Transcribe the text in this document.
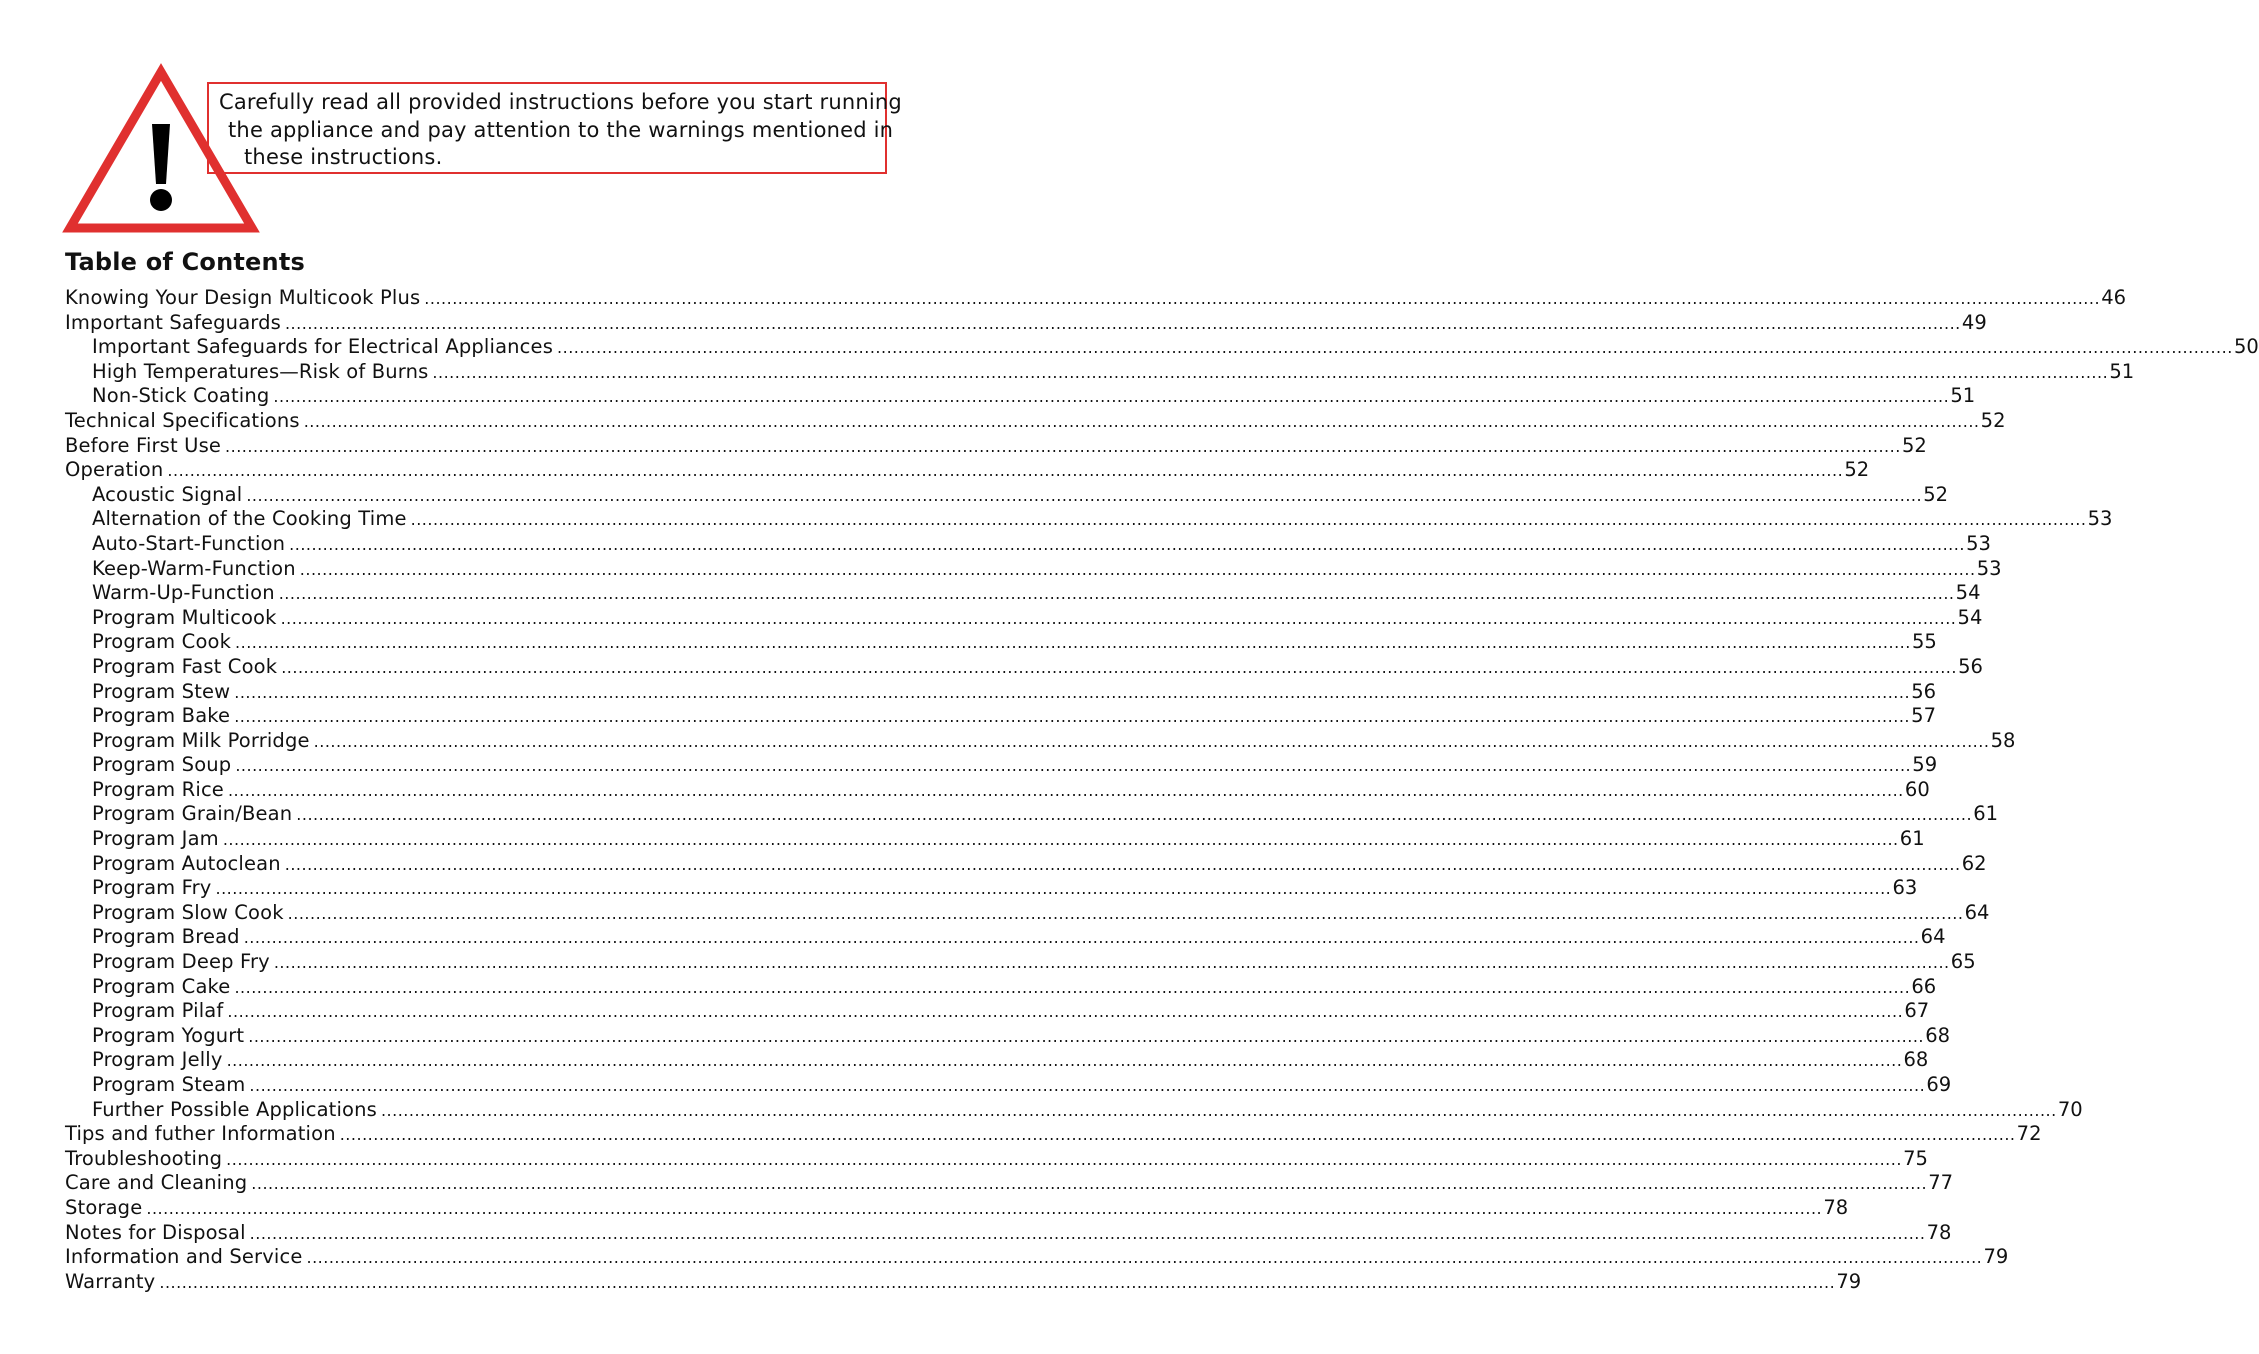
Carefully read all provided instructions before you start running
the appliance and pay attention to the warnings mentioned in
these instructions.
Table of Contents
Knowing Your Design Multicook Plus ............................................................................................................................................................................................................................................................................................................ 46
Important Safeguards ............................................................................................................................................................................................................................................................................................................ 49
Important Safeguards for Electrical Appliances ............................................................................................................................................................................................................................................................................................................ 50
High Temperatures—Risk of Burns ............................................................................................................................................................................................................................................................................................................ 51
Non-Stick Coating ............................................................................................................................................................................................................................................................................................................ 51
Technical Specifications ............................................................................................................................................................................................................................................................................................................ 52
Before First Use ............................................................................................................................................................................................................................................................................................................ 52
Operation ............................................................................................................................................................................................................................................................................................................ 52
Acoustic Signal ............................................................................................................................................................................................................................................................................................................ 52
Alternation of the Cooking Time ............................................................................................................................................................................................................................................................................................................ 53
Auto-Start-Function ............................................................................................................................................................................................................................................................................................................ 53
Keep-Warm-Function ............................................................................................................................................................................................................................................................................................................ 53
Warm-Up-Function ............................................................................................................................................................................................................................................................................................................ 54
Program Multicook ............................................................................................................................................................................................................................................................................................................ 54
Program Cook ............................................................................................................................................................................................................................................................................................................ 55
Program Fast Cook ............................................................................................................................................................................................................................................................................................................ 56
Program Stew ............................................................................................................................................................................................................................................................................................................ 56
Program Bake ............................................................................................................................................................................................................................................................................................................ 57
Program Milk Porridge ............................................................................................................................................................................................................................................................................................................ 58
Program Soup ............................................................................................................................................................................................................................................................................................................ 59
Program Rice ............................................................................................................................................................................................................................................................................................................ 60
Program Grain/Bean ............................................................................................................................................................................................................................................................................................................ 61
Program Jam ............................................................................................................................................................................................................................................................................................................ 61
Program Autoclean ............................................................................................................................................................................................................................................................................................................ 62
Program Fry ............................................................................................................................................................................................................................................................................................................ 63
Program Slow Cook ............................................................................................................................................................................................................................................................................................................ 64
Program Bread ............................................................................................................................................................................................................................................................................................................ 64
Program Deep Fry ............................................................................................................................................................................................................................................................................................................ 65
Program Cake ............................................................................................................................................................................................................................................................................................................ 66
Program Pilaf ............................................................................................................................................................................................................................................................................................................ 67
Program Yogurt ............................................................................................................................................................................................................................................................................................................ 68
Program Jelly ............................................................................................................................................................................................................................................................................................................ 68
Program Steam ............................................................................................................................................................................................................................................................................................................ 69
Further Possible Applications ............................................................................................................................................................................................................................................................................................................ 70
Tips and futher Information ............................................................................................................................................................................................................................................................................................................ 72
Troubleshooting ............................................................................................................................................................................................................................................................................................................ 75
Care and Cleaning ............................................................................................................................................................................................................................................................................................................ 77
Storage ............................................................................................................................................................................................................................................................................................................ 78
Notes for Disposal ............................................................................................................................................................................................................................................................................................................ 78
Information and Service ............................................................................................................................................................................................................................................................................................................ 79
Warranty ............................................................................................................................................................................................................................................................................................................ 79
